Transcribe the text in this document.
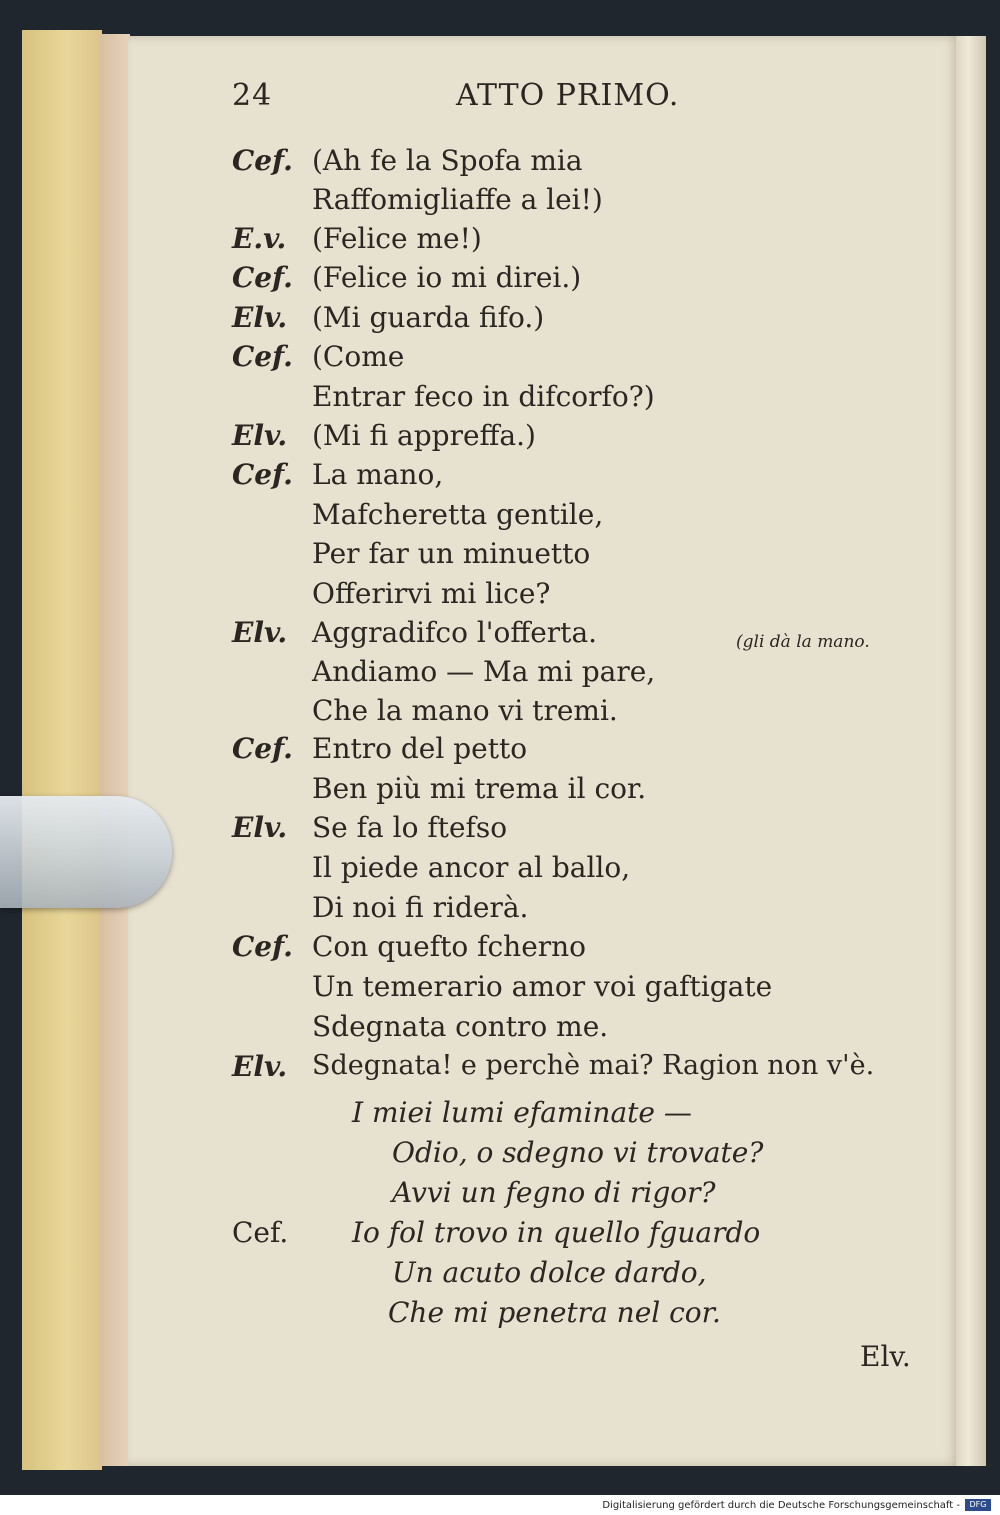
24	ATTO PRIMO.
Cef. (Ah fe la Spofa mia
Raffomigliaffe a lei!)
E.v. (Felice me!)
Cef. (Felice io mi direi.)
Elv. (Mi guarda fifo.)
Cef. (Come
Entrar feco in difcorfo?)
Elv. (Mi fi appreffa.)
Cef. La mano,
Mafcheretta gentile,
Per far un minuetto
Offerirvi mi lice?
Elv. Aggradifco l'offerta.	(gli dà la mano.
Andiamo — Ma mi pare,
Che la mano vi tremi.
Cef. Entro del petto
Ben più mi trema il cor.
Elv. Se fa lo ftefso
Il piede ancor al ballo,
Di noi fi riderà.
Cef. Con quefto fcherno
Un temerario amor voi gaftigate
Sdegnata contro me.
Elv. Sdegnata! e perchè mai? Ragion non v'è.
I miei lumi efaminate —
Odio, o sdegno vi trovate?
Avvi un fegno di rigor?
Cef. Io fol trovo in quello fguardo
Un acuto dolce dardo,
Che mi penetra nel cor.
Elv.
Digitalisierung gefördert durch die Deutsche Forschungsgemeinschaft -	DFG
